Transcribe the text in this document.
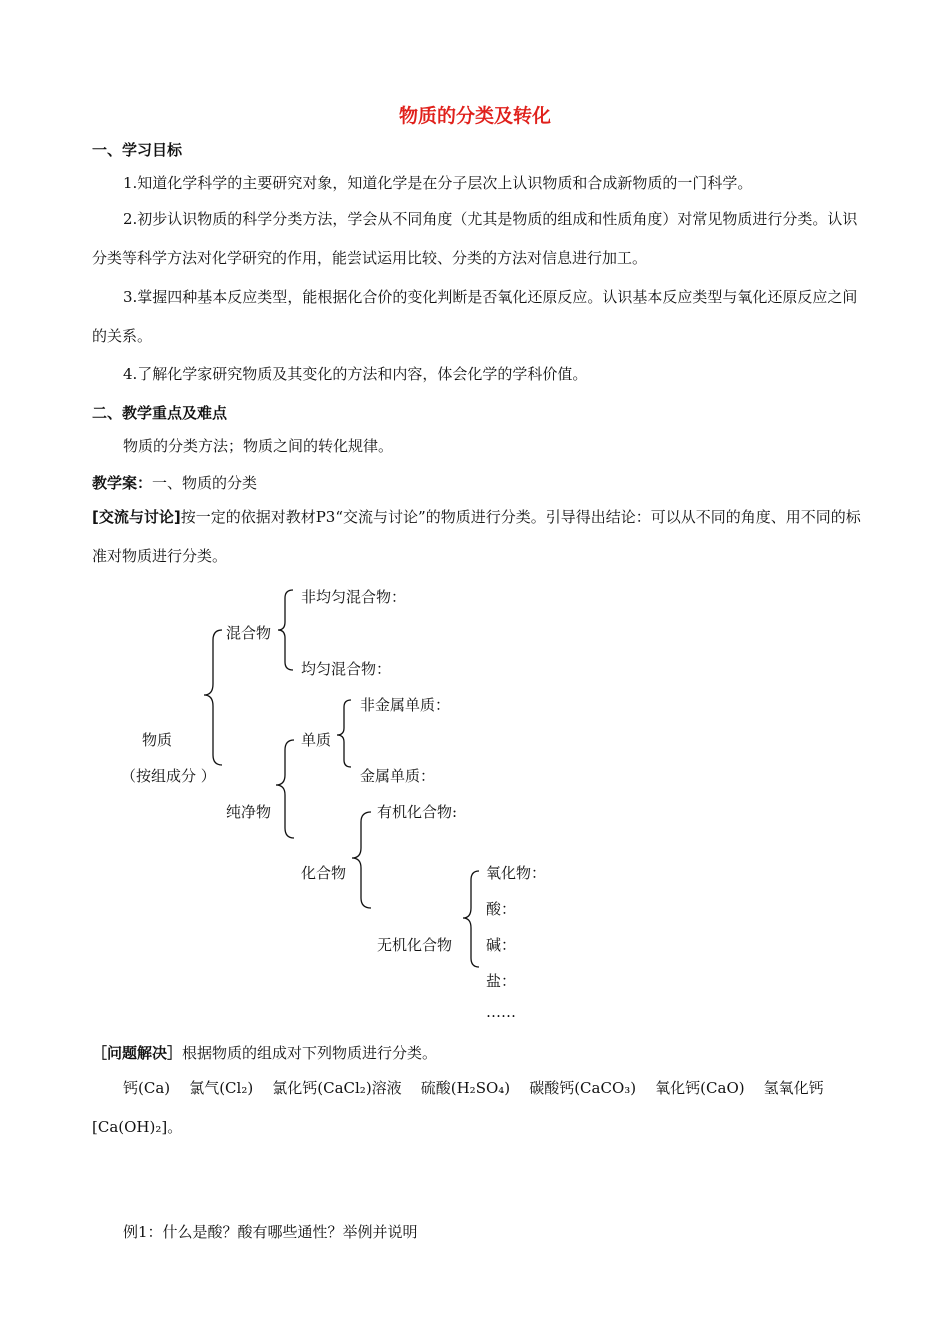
物质的分类及转化
一、学习目标
1.知道化学科学的主要研究对象，知道化学是在分子层次上认识物质和合成新物质的一门科学。
2.初步认识物质的科学分类方法，学会从不同角度（尤其是物质的组成和性质角度）对常见物质进行分类。认识分类等科学方法对化学研究的作用，能尝试运用比较、分类的方法对信息进行加工。
3.掌握四种基本反应类型，能根据化合价的变化判断是否氧化还原反应。认识基本反应类型与氧化还原反应之间的关系。
4.了解化学家研究物质及其变化的方法和内容，体会化学的学科价值。
二、教学重点及难点
物质的分类方法；物质之间的转化规律。
教学案：一、物质的分类
[交流与讨论]按一定的依据对教材P3“交流与讨论”的物质进行分类。引导得出结论：可以从不同的角度、用不同的标准对物质进行分类。
非均匀混合物：
混合物
均匀混合物：
非金属单质：
物质	单质
（按组成分 ）	金属单质：
纯净物	有机化合物:
化合物	氧化物：
酸：
无机化合物 碱：
盐：
……
［问题解决］根据物质的组成对下列物质进行分类。
钙(Ca)    氯气(Cl₂)    氯化钙(CaCl₂)溶液    硫酸(H₂SO₄)    碳酸钙(CaCO₃)    氧化钙(CaO)    氢氧化钙
[Ca(OH)₂]。
例1：什么是酸？酸有哪些通性？举例并说明
